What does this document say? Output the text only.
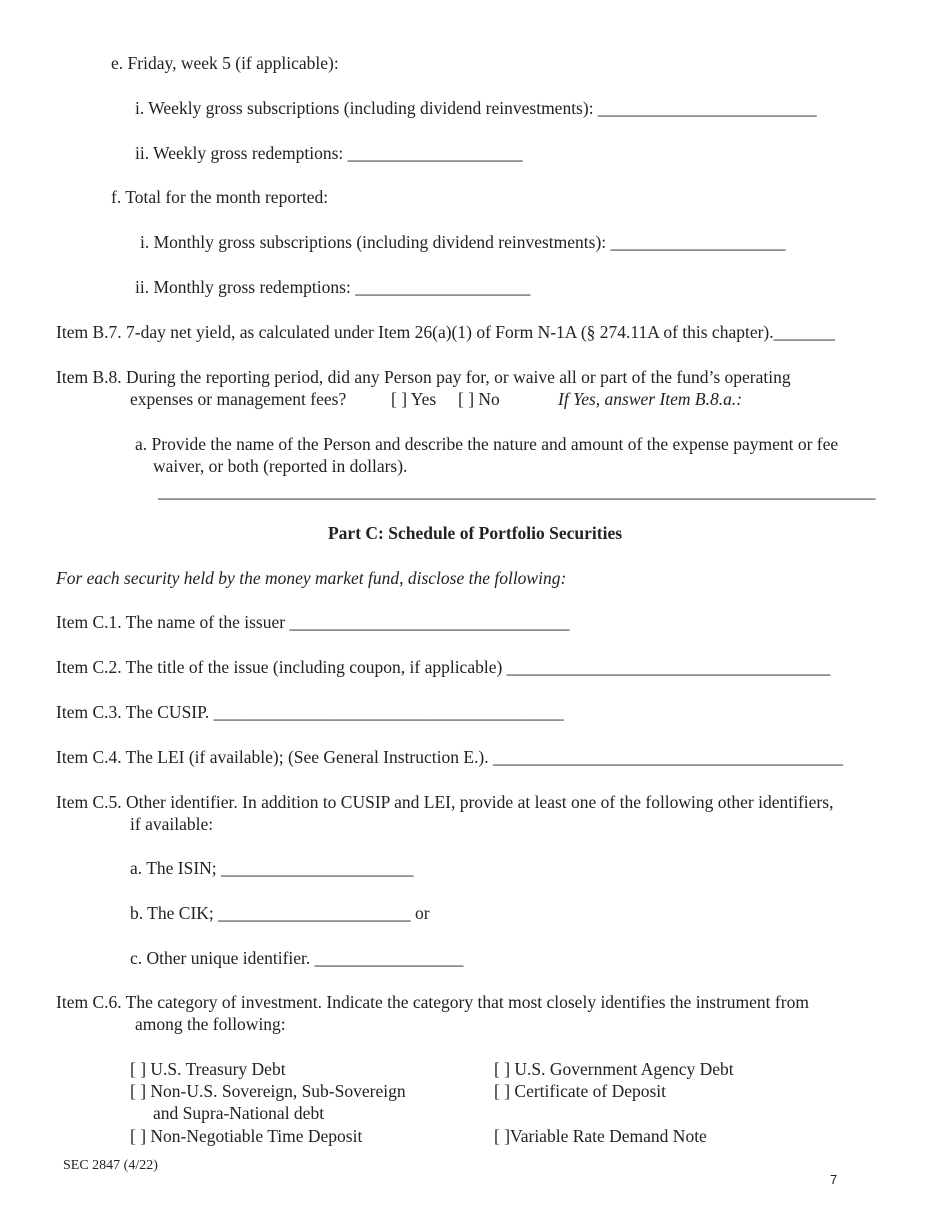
e. Friday, week 5 (if applicable):
i. Weekly gross subscriptions (including dividend reinvestments): _________________________
ii. Weekly gross redemptions: ____________________
f. Total for the month reported:
i. Monthly gross subscriptions (including dividend reinvestments): ____________________
ii. Monthly gross redemptions: ____________________
Item B.7. 7-day net yield, as calculated under Item 26(a)(1) of Form N-1A (§ 274.11A of this chapter)._______
Item B.8. During the reporting period, did any Person pay for, or waive all or part of the fund’s operating
expenses or management fees?	[ ] Yes [ ] No	If Yes, answer Item B.8.a.:
a. Provide the name of the Person and describe the nature and amount of the expense payment or fee
waiver, or both (reported in dollars).
__________________________________________________________________________________
Part C: Schedule of Portfolio Securities
For each security held by the money market fund, disclose the following:
Item C.1. The name of the issuer ________________________________
Item C.2. The title of the issue (including coupon, if applicable) _____________________________________
Item C.3. The CUSIP. ________________________________________
Item C.4. The LEI (if available); (See General Instruction E.). ________________________________________
Item C.5. Other identifier. In addition to CUSIP and LEI, provide at least one of the following other identifiers,
if available:
a. The ISIN; ______________________
b. The CIK; ______________________ or
c. Other unique identifier. _________________
Item C.6. The category of investment. Indicate the category that most closely identifies the instrument from
among the following:
[ ] U.S. Treasury Debt
[ ] Non-U.S. Sovereign, Sub-Sovereign
and Supra-National debt
[ ] Non-Negotiable Time Deposit
[ ] U.S. Government Agency Debt
[ ] Certificate of Deposit
[ ]Variable Rate Demand Note
SEC 2847 (4/22)
7
